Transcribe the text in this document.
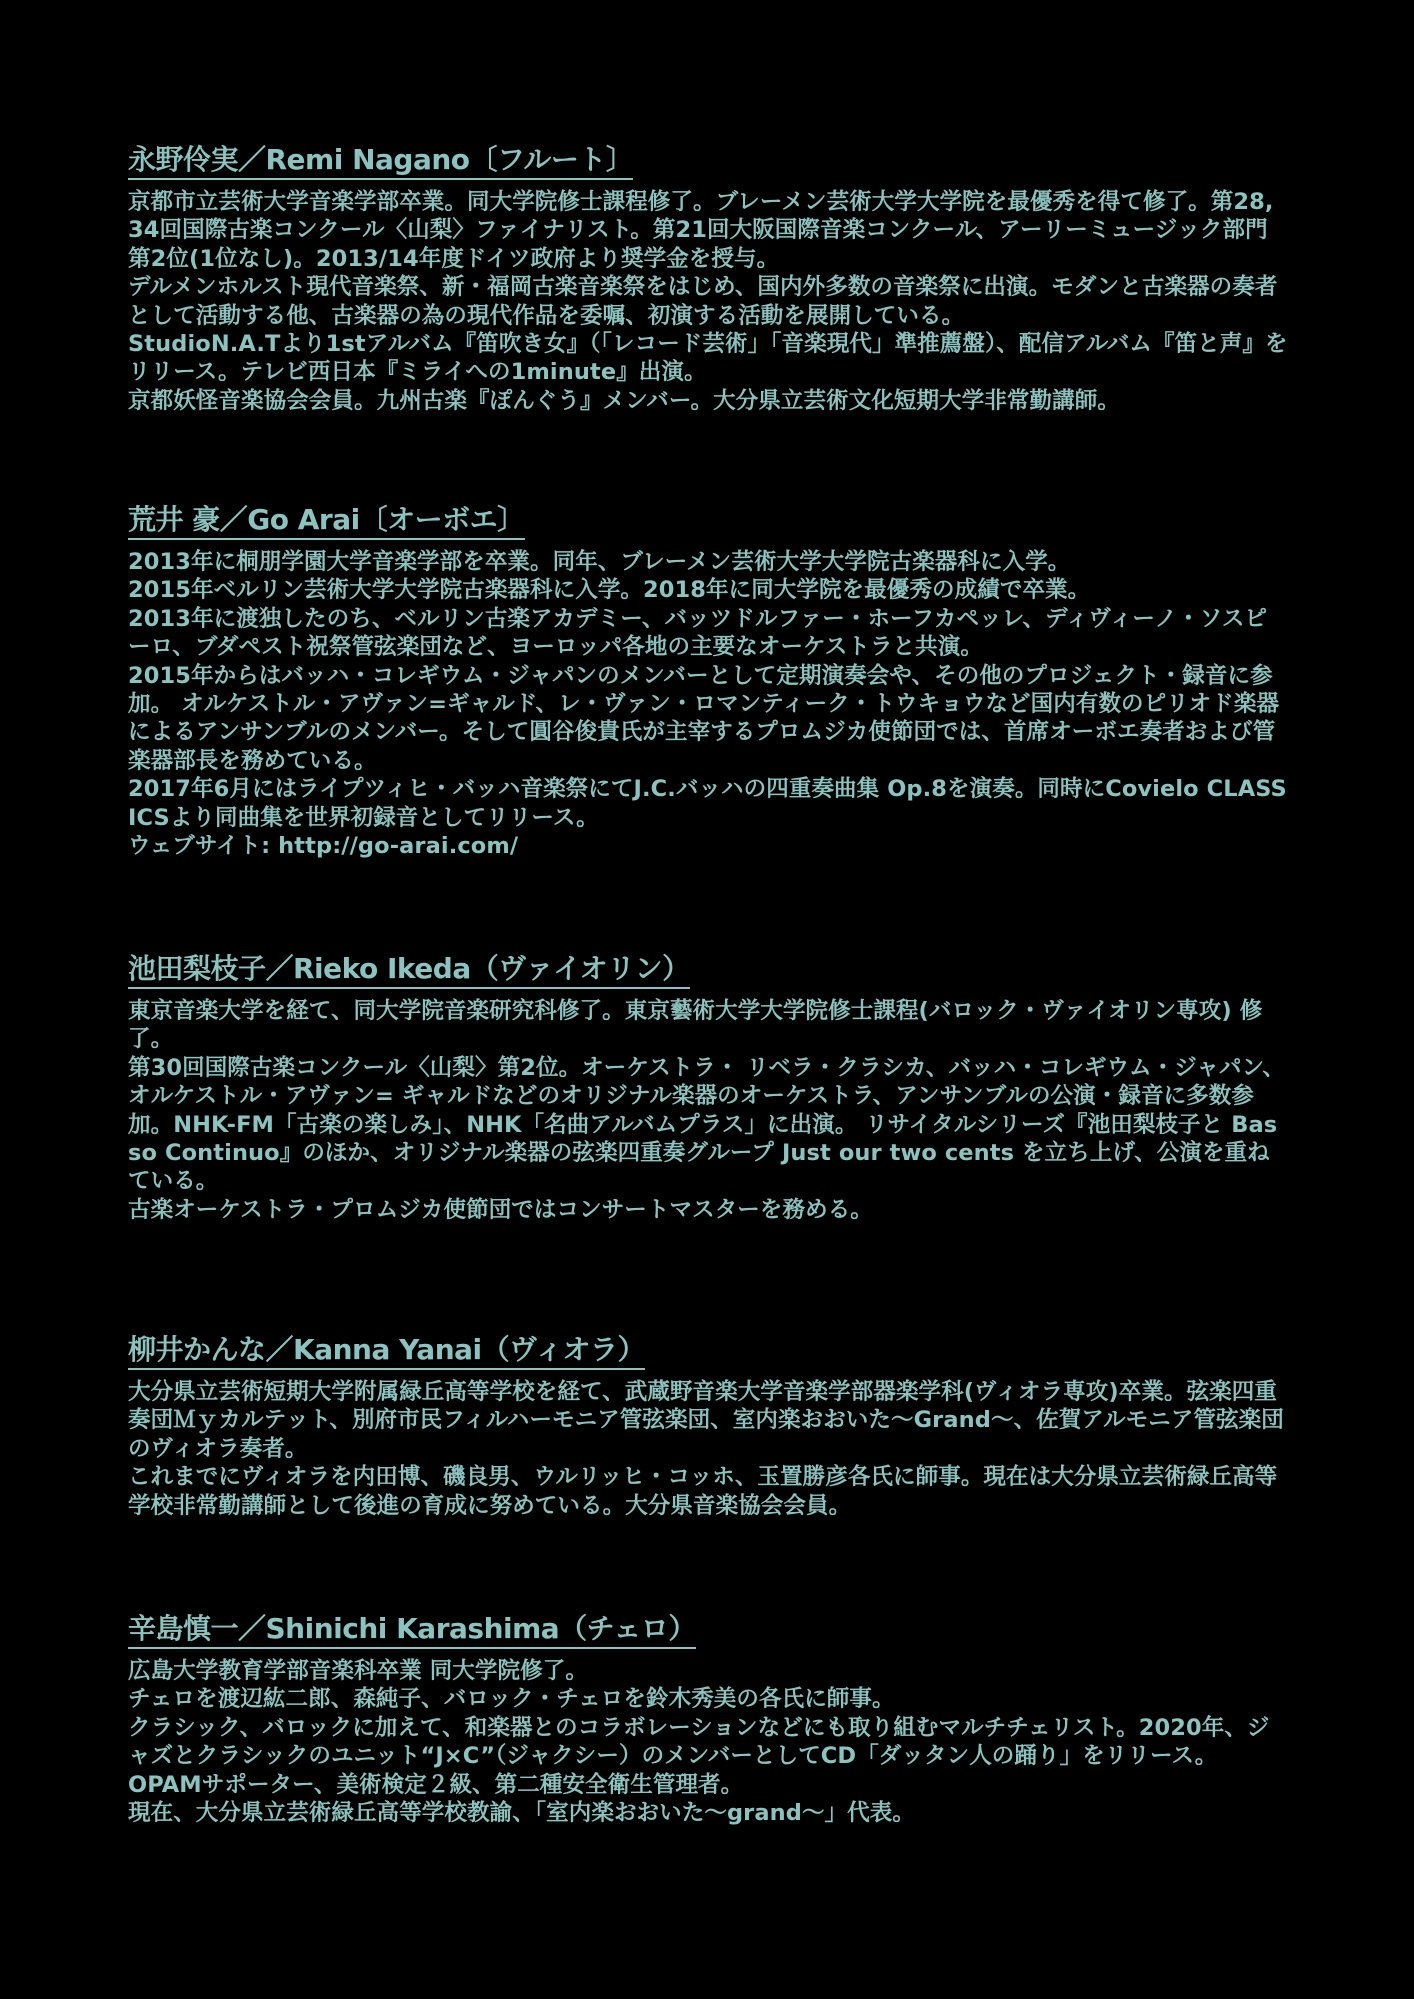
永野伶実／Remi Nagano〔フルート〕
京都市立芸術大学音楽学部卒業。同大学院修士課程修了。ブレーメン芸術大学大学院を最優秀を得て修了。第28,34回国際古楽コンクール〈山梨〉ファイナリスト。第21回大阪国際音楽コンクール、アーリーミュージック部門第2位(1位なし)。2013/14年度ドイツ政府より奨学金を授与。
デルメンホルスト現代音楽祭、新・福岡古楽音楽祭をはじめ、国内外多数の音楽祭に出演。モダンと古楽器の奏者として活動する他、古楽器の為の現代作品を委嘱、初演する活動を展開している。
StudioN.A.Tより1stアルバム『笛吹き女』（「レコード芸術」「音楽現代」準推薦盤）、配信アルバム『笛と声』をリリース。テレビ西日本『ミライへの1minute』出演。
京都妖怪音楽協会会員。九州古楽『ぽんぐう』メンバー。大分県立芸術文化短期大学非常勤講師。
荒井 豪／Go Arai〔オーボエ〕
2013年に桐朋学園大学音楽学部を卒業。同年、ブレーメン芸術大学大学院古楽器科に入学。
2015年ベルリン芸術大学大学院古楽器科に入学。2018年に同大学院を最優秀の成績で卒業。
2013年に渡独したのち、ベルリン古楽アカデミー、バッツドルファー・ホーフカペッレ、ディヴィーノ・ソスピーロ、ブダペスト祝祭管弦楽団など、ヨーロッパ各地の主要なオーケストラと共演。
2015年からはバッハ・コレギウム・ジャパンのメンバーとして定期演奏会や、その他のプロジェクト・録音に参加。 オルケストル・アヴァン=ギャルド、レ・ヴァン・ロマンティーク・トウキョウなど国内有数のピリオド楽器によるアンサンブルのメンバー。そして圓谷俊貴氏が主宰するプロムジカ使節団では、首席オーボエ奏者および管楽器部長を務めている。
2017年6月にはライプツィヒ・バッハ音楽祭にてJ.C.バッハの四重奏曲集 Op.8を演奏。同時にCovielo CLASSICSより同曲集を世界初録音としてリリース。
ウェブサイト: http://go-arai.com/
池田梨枝子／Rieko Ikeda（ヴァイオリン）
東京音楽大学を経て、同大学院音楽研究科修了。東京藝術大学大学院修士課程(バロック・ヴァイオリン専攻) 修了。
第30回国際古楽コンクール〈山梨〉第2位。オーケストラ・ リベラ・クラシカ、バッハ・コレギウム・ジャパン、
オルケストル・アヴァン= ギャルドなどのオリジナル楽器のオーケストラ、アンサンブルの公演・録音に多数参加。NHK-FM「古楽の楽しみ」、NHK「名曲アルバムプラス」に出演。 リサイタルシリーズ『池田梨枝子と Basso Continuo』のほか、オリジナル楽器の弦楽四重奏グループ Just our two cents を立ち上げ、公演を重ねている。
古楽オーケストラ・プロムジカ使節団ではコンサートマスターを務める。
柳井かんな／Kanna Yanai（ヴィオラ）
大分県立芸術短期大学附属緑丘高等学校を経て、武蔵野音楽大学音楽学部器楽学科(ヴィオラ専攻)卒業。弦楽四重奏団Ｍｙカルテット、別府市民フィルハーモニア管弦楽団、室内楽おおいた〜Grand〜、佐賀アルモニア管弦楽団のヴィオラ奏者。
これまでにヴィオラを内田博、磯良男、ウルリッヒ・コッホ、玉置勝彦各氏に師事。現在は大分県立芸術緑丘高等学校非常勤講師として後進の育成に努めている。大分県音楽協会会員。
辛島慎一／Shinichi Karashima（チェロ）
広島大学教育学部音楽科卒業 同大学院修了。
チェロを渡辺紘二郎、森純子、バロック・チェロを鈴木秀美の各氏に師事。
クラシック、バロックに加えて、和楽器とのコラボレーションなどにも取り組むマルチチェリスト。2020年、ジャズとクラシックのユニット“J×C”（ジャクシー）のメンバーとしてCD「ダッタン人の踊り」をリリース。
OPAMサポーター、美術検定２級、第二種安全衛生管理者。
現在、大分県立芸術緑丘高等学校教諭、「室内楽おおいた〜grand〜」代表。
